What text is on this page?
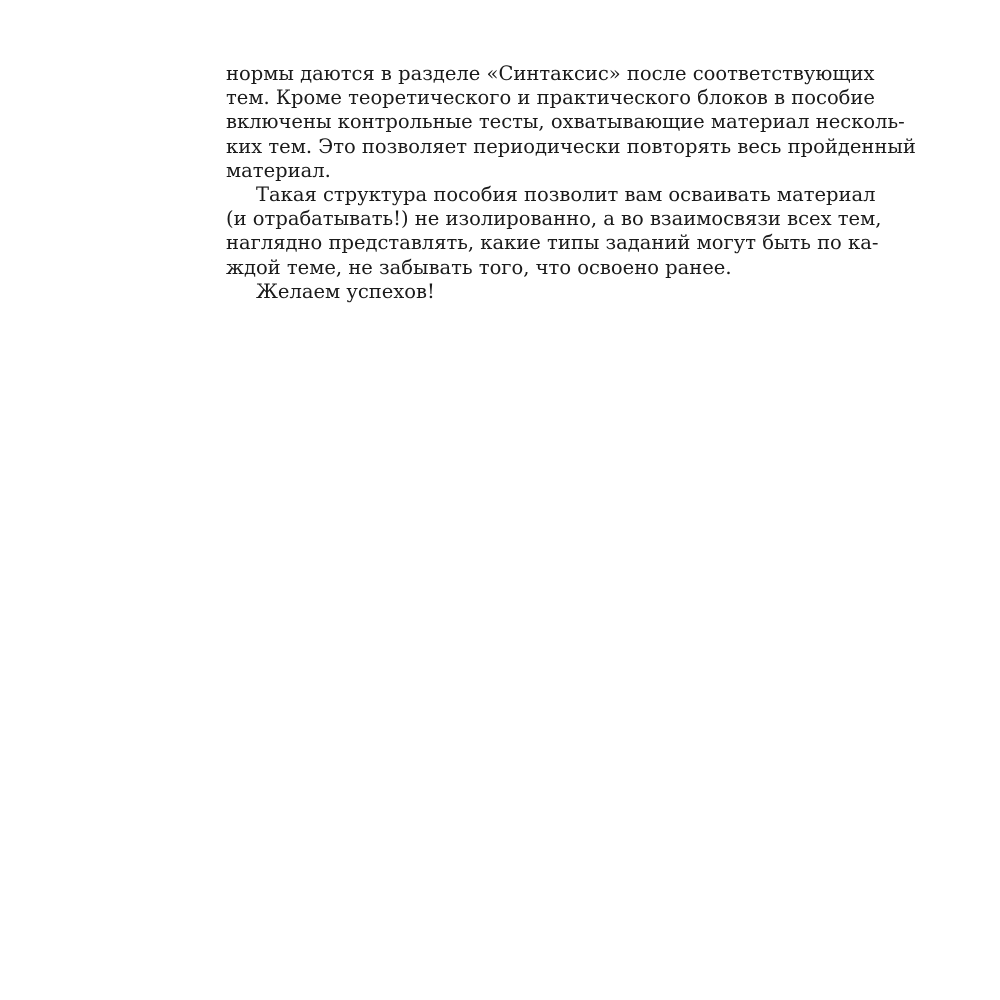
нормы даются в разделе «Синтаксис» после соответствующих
тем. Кроме теоретического и практического блоков в пособие
включены контрольные тесты, охватывающие материал несколь-
ких тем. Это позволяет периодически повторять весь пройденный
материал.
Такая структура пособия позволит вам осваивать материал
(и отрабатывать!) не изолированно, а во взаимосвязи всех тем,
наглядно представлять, какие типы заданий могут быть по ка-
ждой теме, не забывать того, что освоено ранее.
Желаем успехов!
